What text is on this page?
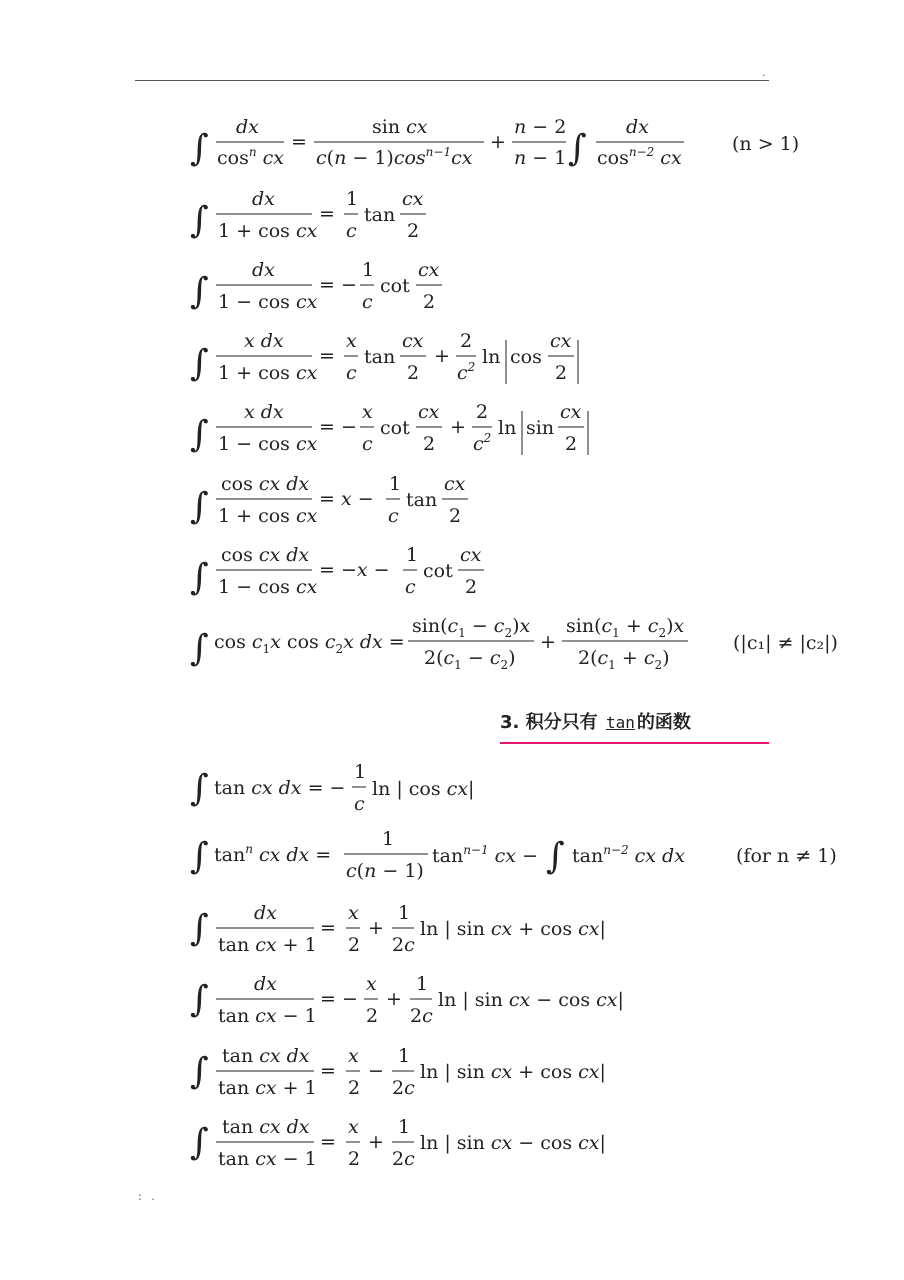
.
3. 积分只有 tan 的函数
∫
dx
$\cos^n$ cx
=
sin cx
$c(n - 1)\cos^{n-1}cx$
+
n − 2
n − 1 ∫
dx
$\cos^{n-2}$ cx
(n > 1)
∫
dx
1 + cos cx
=
1
c
tan
cx
2
∫
dx
1 − cos cx
= −
1
c
cot
cx
2
∫
x dx
1 + cos cx
=
x
c
tan
cx
2
+
2
$c^2$ ln cos
cx
2
∫
x dx
1 − cos cx
= −
x
c
cot
cx
2
+
2
$c^2$ ln sin
cx
2
∫
cos cx dx
1 + cos cx
= x −
1
c
tan
cx
2
∫
cos cx dx
1 − cos cx
= −x −
1
c
cot
cx
2
∫ $\cos c_1x$ $\cos c_2x$ dx =
$\sin(c_1 - c_2)x$
$2(c_1 - c_2)$
+
$\sin(c_1 + c_2)x$
$2(c_1 + c_2)$
(|c₁| ≠ |c₂|)
∫ tan cx dx = −
1
c
ln | cos cx|
∫ $\tan^n$ cx dx =
1
c(n − 1)
$\tan^{n-1}$ cx − ∫ $\tan^{n-2}$ cx dx	(for n ≠ 1)
∫ dx
tan cx + 1
=
x
2
+
1
2c
ln | sin cx + cos cx|
∫ dx
tan cx − 1
= −
x
2
+
1
2c
ln | sin cx − cos cx|
∫ tan cx dx
tan cx + 1
=
x
2
−
1
2c
ln | sin cx + cos cx|
∫ tan cx dx
tan cx − 1
=
x
2
+
1
2c
ln | sin cx − cos cx|
: .
